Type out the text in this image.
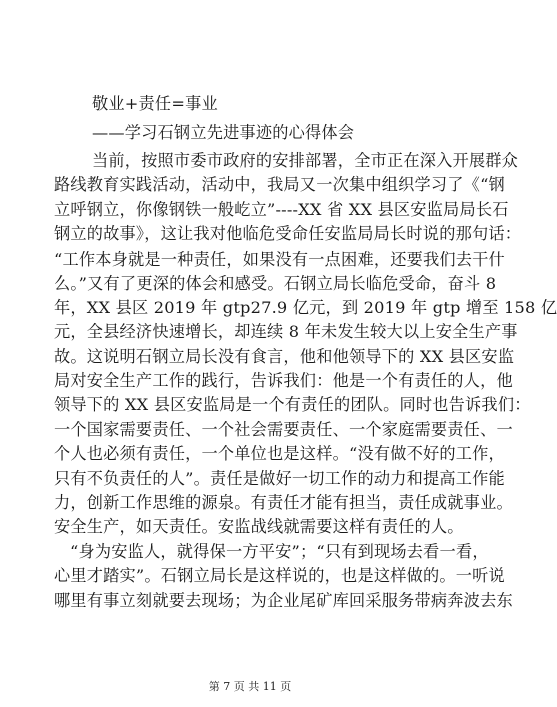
敬业+责任=事业
——学习石钢立先进事迹的心得体会
当前，按照市委市政府的安排部署，全市正在深入开展群众
路线教育实践活动，活动中，我局又一次集中组织学习了《“钢
立呼钢立，你像钢铁一般屹立”----XX 省 XX 县区安监局局长石
钢立的故事》，这让我对他临危受命任安监局局长时说的那句话：
“工作本身就是一种责任，如果没有一点困难，还要我们去干什
么。”又有了更深的体会和感受。石钢立局长临危受命，奋斗 8
年，XX 县区 2019 年 gtp27.9 亿元，到 2019 年 gtp 增至 158 亿
元，全县经济快速增长，却连续 8 年未发生较大以上安全生产事
故。这说明石钢立局长没有食言，他和他领导下的 XX 县区安监
局对安全生产工作的践行，告诉我们：他是一个有责任的人，他
领导下的 XX 县区安监局是一个有责任的团队。同时也告诉我们：
一个国家需要责任、一个社会需要责任、一个家庭需要责任、一
个人也必须有责任，一个单位也是这样。“没有做不好的工作，
只有不负责任的人”。责任是做好一切工作的动力和提高工作能
力，创新工作思维的源泉。有责任才能有担当，责任成就事业。
安全生产，如天责任。安监战线就需要这样有责任的人。
“身为安监人，就得保一方平安”；“只有到现场去看一看，
心里才踏实”。石钢立局长是这样说的，也是这样做的。一听说
哪里有事立刻就要去现场；为企业尾矿库回采服务带病奔波去东
第 7 页 共 11 页
